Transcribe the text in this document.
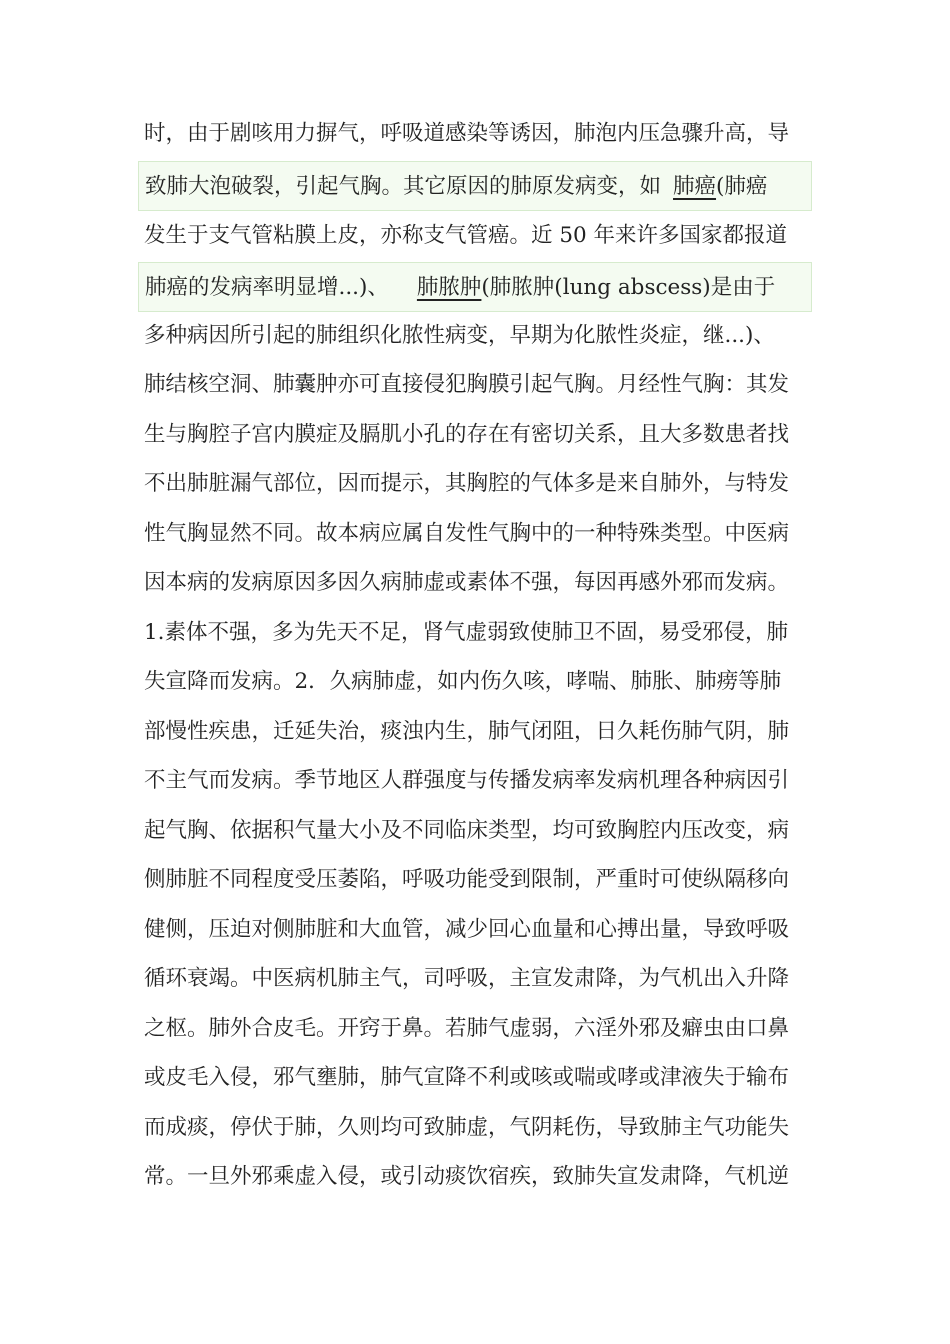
时，由于剧咳用力摒气，呼吸道感染等诱因，肺泡内压急骤升高，导
致肺大泡破裂，引起气胸。其它原因的肺原发病变，如 肺癌(肺癌
发生于支气管粘膜上皮，亦称支气管癌。近 50 年来许多国家都报道
肺癌的发病率明显增...)、 肺脓肿(肺脓肿(lung abscess)是由于
多种病因所引起的肺组织化脓性病变，早期为化脓性炎症，继...)、
肺结核空洞、肺囊肿亦可直接侵犯胸膜引起气胸。月经性气胸：其发
生与胸腔子宫内膜症及膈肌小孔的存在有密切关系，且大多数患者找
不出肺脏漏气部位，因而提示，其胸腔的气体多是来自肺外，与特发
性气胸显然不同。故本病应属自发性气胸中的一种特殊类型。中医病
因本病的发病原因多因久病肺虚或素体不强，每因再感外邪而发病。
1.素体不强，多为先天不足，肾气虚弱致使肺卫不固，易受邪侵，肺
失宣降而发病。2．久病肺虚，如内伤久咳，哮喘、肺胀、肺痨等肺
部慢性疾患，迁延失治，痰浊内生，肺气闭阻，日久耗伤肺气阴，肺
不主气而发病。季节地区人群强度与传播发病率发病机理各种病因引
起气胸、依据积气量大小及不同临床类型，均可致胸腔内压改变，病
侧肺脏不同程度受压萎陷，呼吸功能受到限制，严重时可使纵隔移向
健侧，压迫对侧肺脏和大血管，减少回心血量和心搏出量，导致呼吸
循环衰竭。中医病机肺主气，司呼吸，主宣发肃降，为气机出入升降
之枢。肺外合皮毛。开窍于鼻。若肺气虚弱，六淫外邪及癖虫由口鼻
或皮毛入侵，邪气壅肺，肺气宣降不利或咳或喘或哮或津液失于输布
而成痰，停伏于肺，久则均可致肺虚，气阴耗伤，导致肺主气功能失
常。一旦外邪乘虚入侵，或引动痰饮宿疾，致肺失宣发肃降，气机逆
